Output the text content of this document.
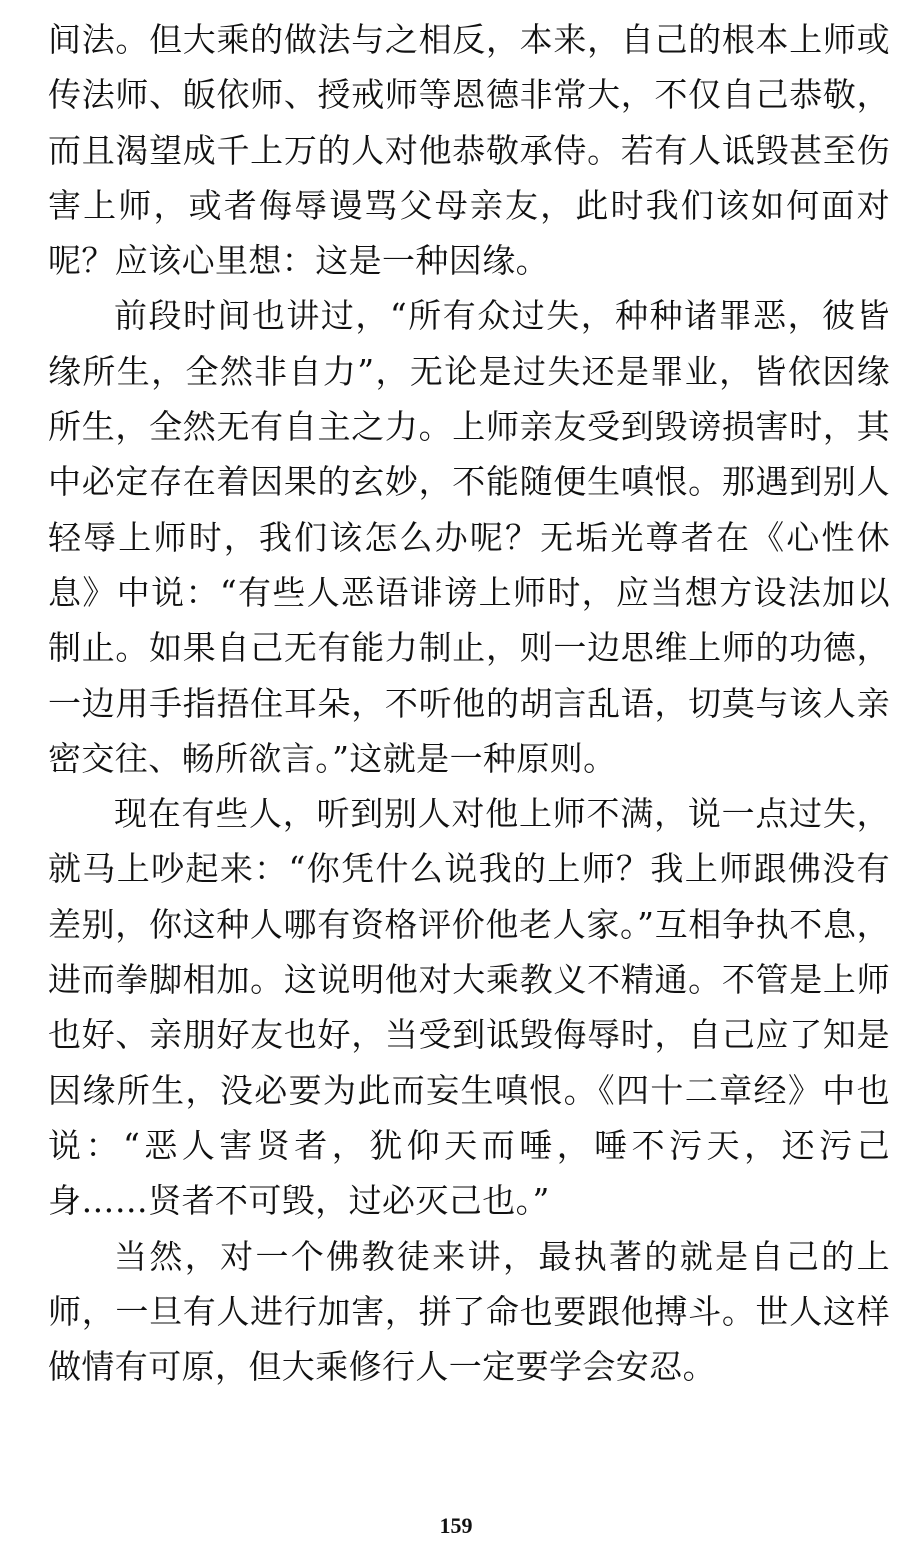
间法。但大乘的做法与之相反，本来，自己的根本上师或传法师、皈依师、授戒师等恩德非常大，不仅自己恭敬，而且渴望成千上万的人对他恭敬承侍。若有人诋毁甚至伤害上师，或者侮辱谩骂父母亲友，此时我们该如何面对呢？应该心里想：这是一种因缘。

前段时间也讲过，“所有众过失，种种诸罪恶，彼皆缘所生，全然非自力”，无论是过失还是罪业，皆依因缘所生，全然无有自主之力。上师亲友受到毁谤损害时，其中必定存在着因果的玄妙，不能随便生嗔恨。那遇到别人轻辱上师时，我们该怎么办呢？无垢光尊者在《心性休息》中说：“有些人恶语诽谤上师时，应当想方设法加以制止。如果自己无有能力制止，则一边思维上师的功德，一边用手指捂住耳朵，不听他的胡言乱语，切莫与该人亲密交往、畅所欲言。”这就是一种原则。

现在有些人，听到别人对他上师不满，说一点过失，就马上吵起来：“你凭什么说我的上师？我上师跟佛没有差别，你这种人哪有资格评价他老人家。”互相争执不息，进而拳脚相加。这说明他对大乘教义不精通。不管是上师也好、亲朋好友也好，当受到诋毁侮辱时，自己应了知是因缘所生，没必要为此而妄生嗔恨。《四十二章经》中也说：“恶人害贤者，犹仰天而唾，唾不污天，还污己身……贤者不可毁，过必灭己也。”

当然，对一个佛教徒来讲，最执著的就是自己的上师，一旦有人进行加害，拼了命也要跟他搏斗。世人这样做情有可原，但大乘修行人一定要学会安忍。

159
